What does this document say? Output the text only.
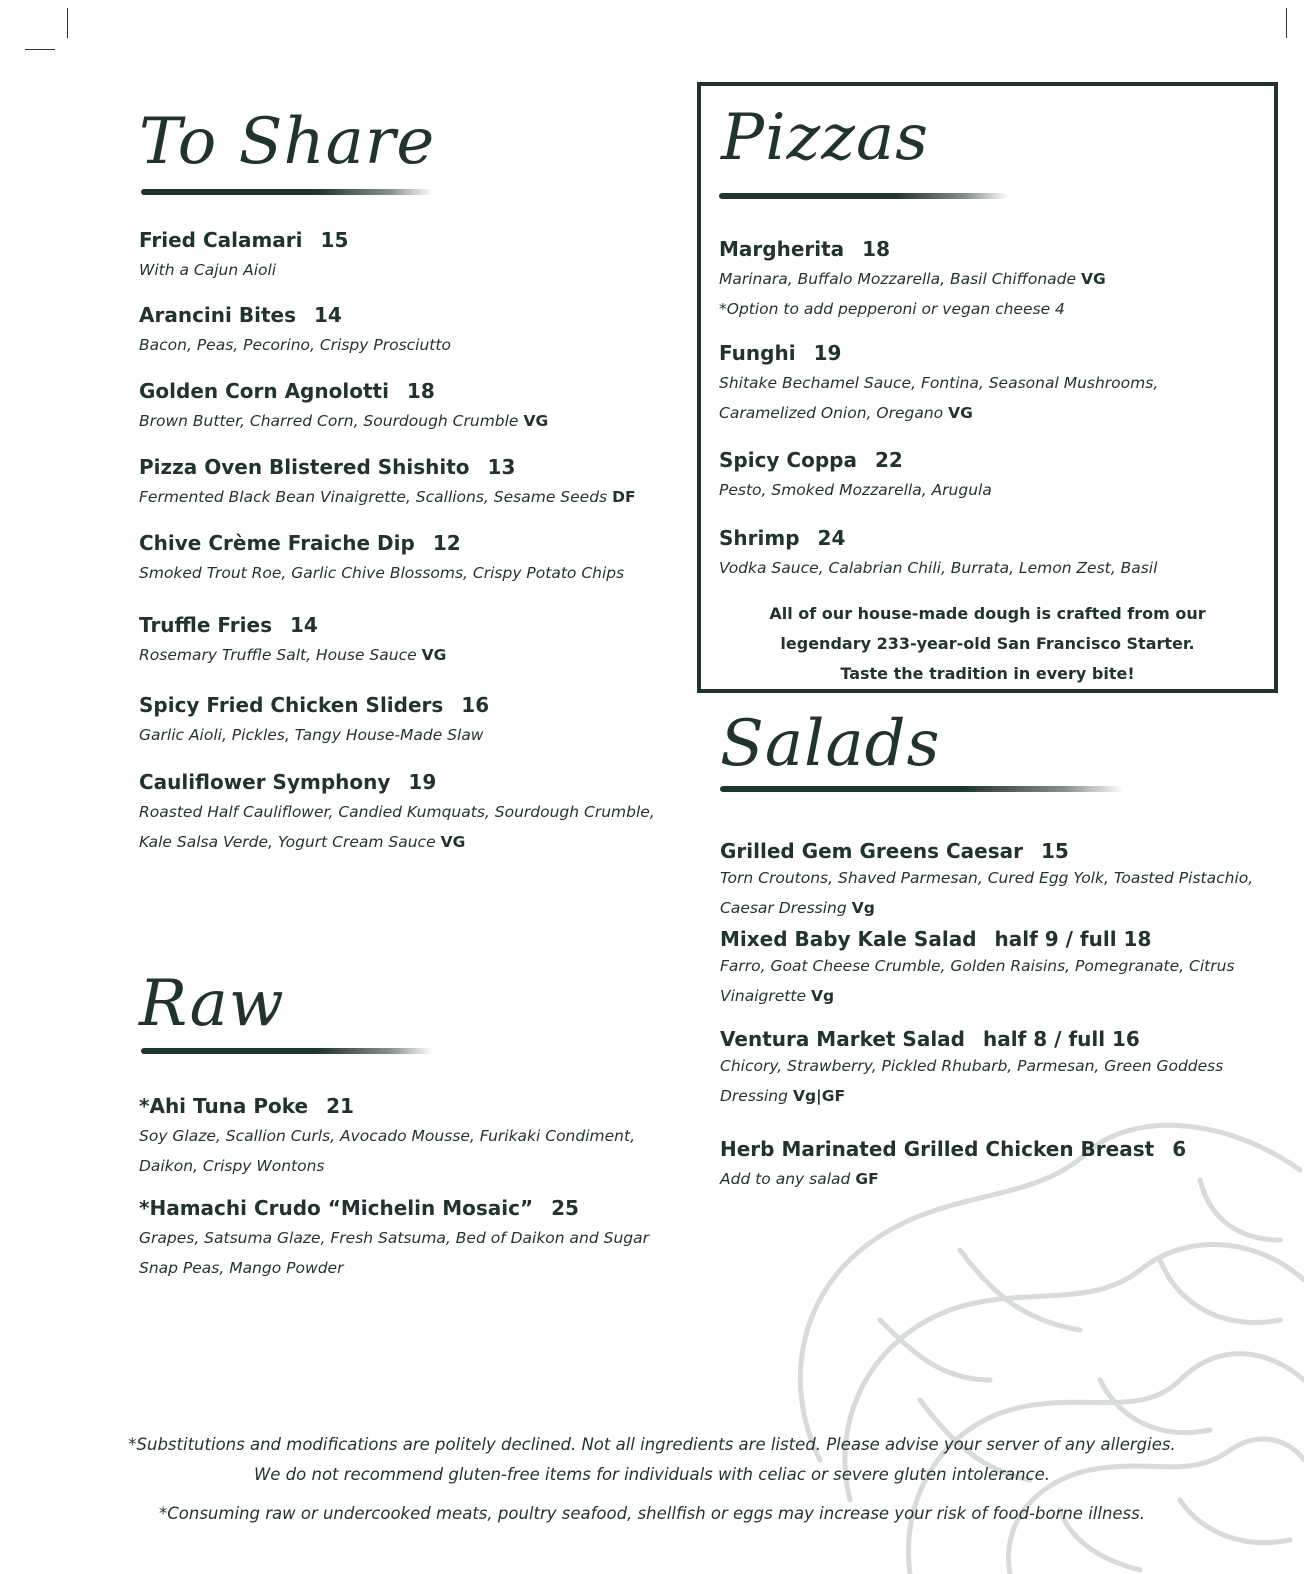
To Share
Fried Calamari 15
With a Cajun Aioli
Arancini Bites 14
Bacon, Peas, Pecorino, Crispy Prosciutto
Golden Corn Agnolotti 18
Brown Butter, Charred Corn, Sourdough Crumble VG
Pizza Oven Blistered Shishito 13
Fermented Black Bean Vinaigrette, Scallions, Sesame Seeds DF
Chive Crème Fraiche Dip 12
Smoked Trout Roe, Garlic Chive Blossoms, Crispy Potato Chips
Truffle Fries 14
Rosemary Truffle Salt, House Sauce VG
Spicy Fried Chicken Sliders 16
Garlic Aioli, Pickles, Tangy House-Made Slaw
Cauliflower Symphony 19
Roasted Half Cauliflower, Candied Kumquats, Sourdough Crumble, Kale Salsa Verde, Yogurt Cream Sauce VG
Raw
*Ahi Tuna Poke 21
Soy Glaze, Scallion Curls, Avocado Mousse, Furikaki Condiment, Daikon, Crispy Wontons
*Hamachi Crudo “Michelin Mosaic” 25
Grapes, Satsuma Glaze, Fresh Satsuma, Bed of Daikon and Sugar Snap Peas, Mango Powder
Pizzas
Margherita 18
Marinara, Buffalo Mozzarella, Basil Chiffonade VG
*Option to add pepperoni or vegan cheese 4
Funghi 19
Shitake Bechamel Sauce, Fontina, Seasonal Mushrooms, Caramelized Onion, Oregano VG
Spicy Coppa 22
Pesto, Smoked Mozzarella, Arugula
Shrimp 24
Vodka Sauce, Calabrian Chili, Burrata, Lemon Zest, Basil
All of our house-made dough is crafted from our
legendary 233-year-old San Francisco Starter.
Taste the tradition in every bite!
Salads
Grilled Gem Greens Caesar 15
Torn Croutons, Shaved Parmesan, Cured Egg Yolk, Toasted Pistachio, Caesar Dressing Vg
Mixed Baby Kale Salad half 9 / full 18
Farro, Goat Cheese Crumble, Golden Raisins, Pomegranate, Citrus Vinaigrette Vg
Ventura Market Salad half 8 / full 16
Chicory, Strawberry, Pickled Rhubarb, Parmesan, Green Goddess Dressing Vg|GF
Herb Marinated Grilled Chicken Breast 6
Add to any salad GF
*Substitutions and modifications are politely declined. Not all ingredients are listed. Please advise your server of any allergies.
We do not recommend gluten-free items for individuals with celiac or severe gluten intolerance.
*Consuming raw or undercooked meats, poultry seafood, shellfish or eggs may increase your risk of food-borne illness.
